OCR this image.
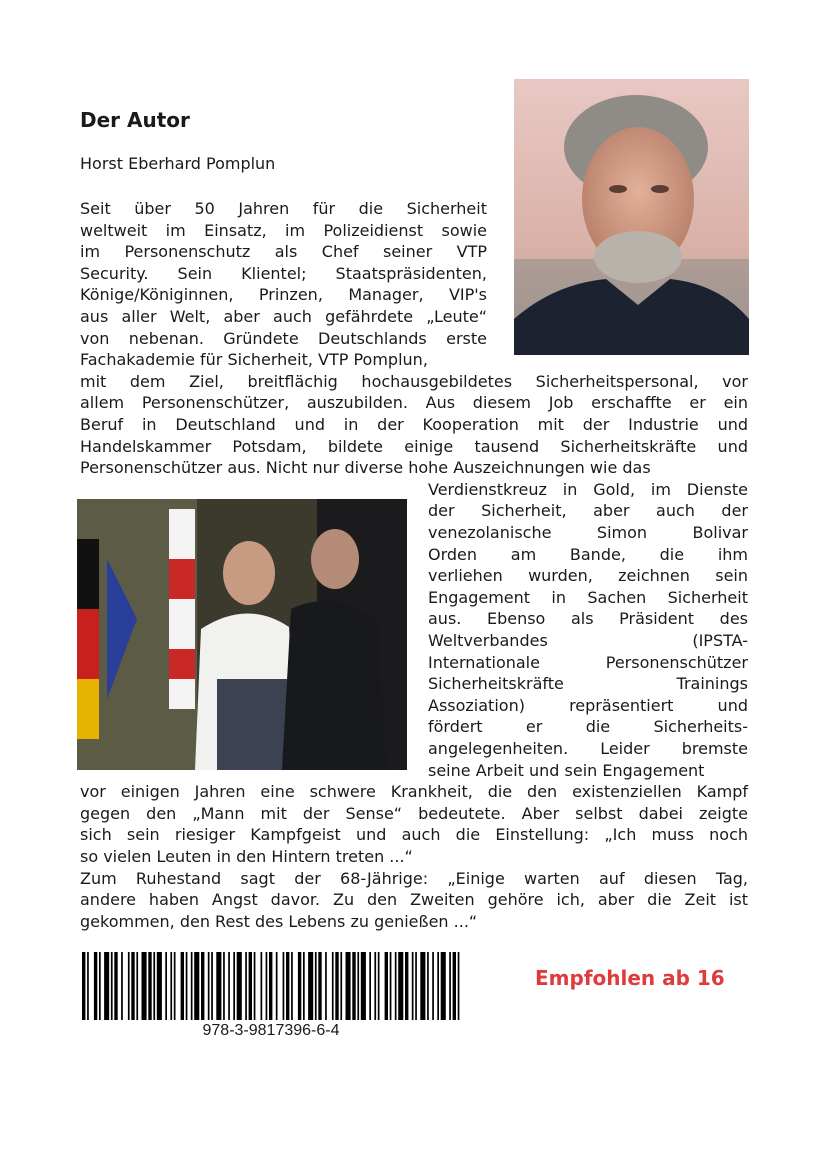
Der Autor
Horst Eberhard Pomplun
Seit über 50 Jahren für die Sicherheit
weltweit im Einsatz, im Polizeidienst sowie
im Personenschutz als Chef seiner VTP
Security. Sein Klientel; Staatspräsidenten,
Könige/Königinnen, Prinzen, Manager, VIP's
aus aller Welt, aber auch gefährdete „Leute“
von nebenan. Gründete Deutschlands erste
Fachakademie für Sicherheit, VTP Pomplun,
mit dem Ziel, breitflächig hochausgebildetes Sicherheitspersonal, vor
allem Personenschützer, auszubilden. Aus diesem Job erschaffte er ein
Beruf in Deutschland und in der Kooperation mit der Industrie und
Handelskammer Potsdam, bildete einige tausend Sicherheitskräfte und
Personenschützer aus. Nicht nur diverse hohe Auszeichnungen wie das
Verdienstkreuz in Gold, im Dienste
der Sicherheit, aber auch der
venezolanische Simon Bolivar
Orden am Bande, die ihm
verliehen wurden, zeichnen sein
Engagement in Sachen Sicherheit
aus. Ebenso als Präsident des
Weltverbandes (IPSTA-
Internationale Personenschützer
Sicherheitskräfte Trainings
Assoziation) repräsentiert und
fördert er die Sicherheits-
angelegenheiten. Leider bremste
seine Arbeit und sein Engagement
vor einigen Jahren eine schwere Krankheit, die den existenziellen Kampf
gegen den „Mann mit der Sense“ bedeutete. Aber selbst dabei zeigte
sich sein riesiger Kampfgeist und auch die Einstellung: „Ich muss noch
so vielen Leuten in den Hintern treten ...“
Zum Ruhestand sagt der 68-Jährige: „Einige warten auf diesen Tag,
andere haben Angst davor. Zu den Zweiten gehöre ich, aber die Zeit ist
gekommen, den Rest des Lebens zu genießen ...“
978-3-9817396-6-4
Empfohlen ab 16
